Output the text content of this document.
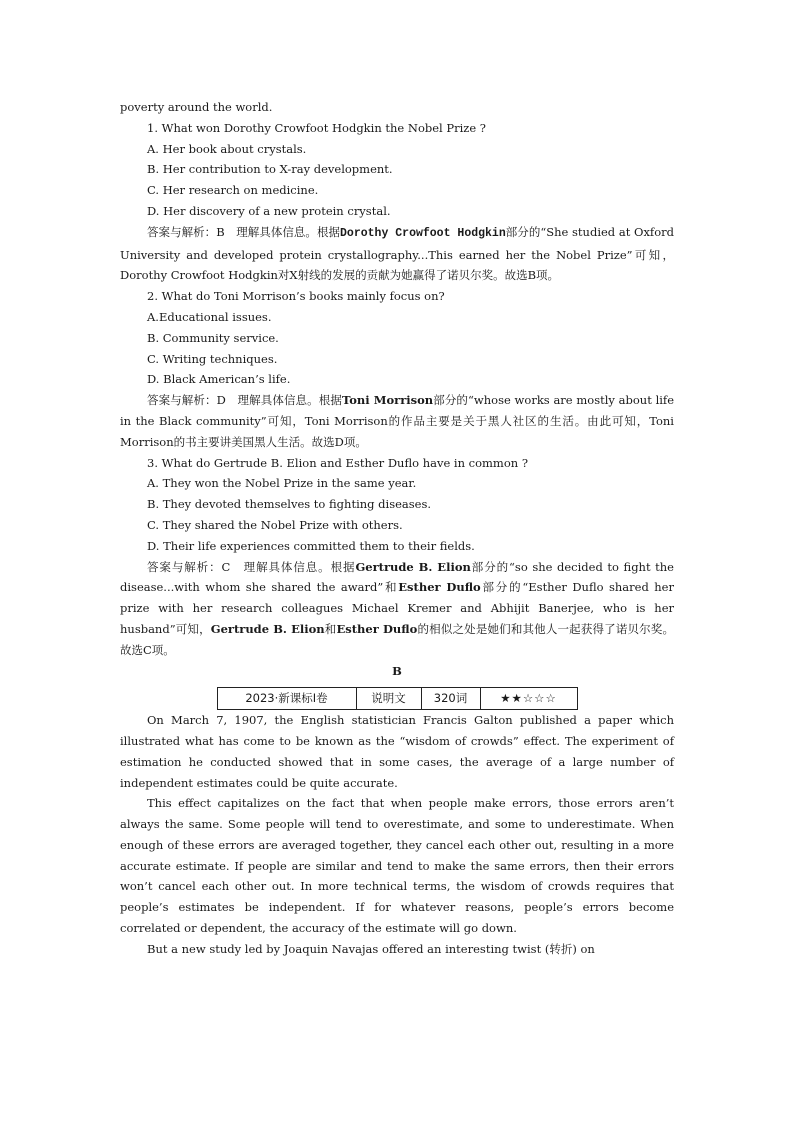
poverty around the world.

1. What won Dorothy Crowfoot Hodgkin the Nobel Prize ?

A. Her book about crystals.

B. Her contribution to X-ray development.

C. Her research on medicine.

D. Her discovery of a new protein crystal.

答案与解析：B　理解具体信息。根据Dorothy Crowfoot Hodgkin部分的“She studied at Oxford University and developed protein crystallography...This earned her the Nobel Prize”可知，Dorothy Crowfoot Hodgkin对X射线的发展的贡献为她赢得了诺贝尔奖。故选B项。

2. What do Toni Morrison’s books mainly focus on?

A.Educational issues.

B. Community service.

C. Writing techniques.

D. Black American’s life.

答案与解析：D　理解具体信息。根据Toni Morrison部分的“whose works are mostly about life in the Black community”可知，Toni Morrison的作品主要是关于黑人社区的生活。由此可知，Toni Morrison的书主要讲美国黑人生活。故选D项。

3. What do Gertrude B. Elion and Esther Duflo have in common ?

A. They won the Nobel Prize in the same year.

B. They devoted themselves to fighting diseases.

C. They shared the Nobel Prize with others.

D. Their life experiences committed them to their fields.

答案与解析：C　理解具体信息。根据Gertrude B. Elion部分的“so she decided to fight the disease...with whom she shared the award”和Esther Duflo部分的“Esther Duflo shared her prize with her research colleagues Michael Kremer and Abhijit Banerjee, who is her husband”可知，Gertrude B. Elion和Esther Duflo的相似之处是她们和其他人一起获得了诺贝尔奖。故选C项。

B

2023·新课标Ⅰ卷	说明文	320词	★★☆☆☆

On March 7, 1907, the English statistician Francis Galton published a paper which illustrated what has come to be known as the “wisdom of crowds” effect. The experiment of estimation he conducted showed that in some cases, the average of a large number of independent estimates could be quite accurate.

This effect capitalizes on the fact that when people make errors, those errors aren’t always the same. Some people will tend to overestimate, and some to underestimate. When enough of these errors are averaged together, they cancel each other out, resulting in a more accurate estimate. If people are similar and tend to make the same errors, then their errors won’t cancel each other out. In more technical terms, the wisdom of crowds requires that people’s estimates be independent. If for whatever reasons, people’s errors become correlated or dependent, the accuracy of the estimate will go down.

But a new study led by Joaquin Navajas offered an interesting twist (转折) on
